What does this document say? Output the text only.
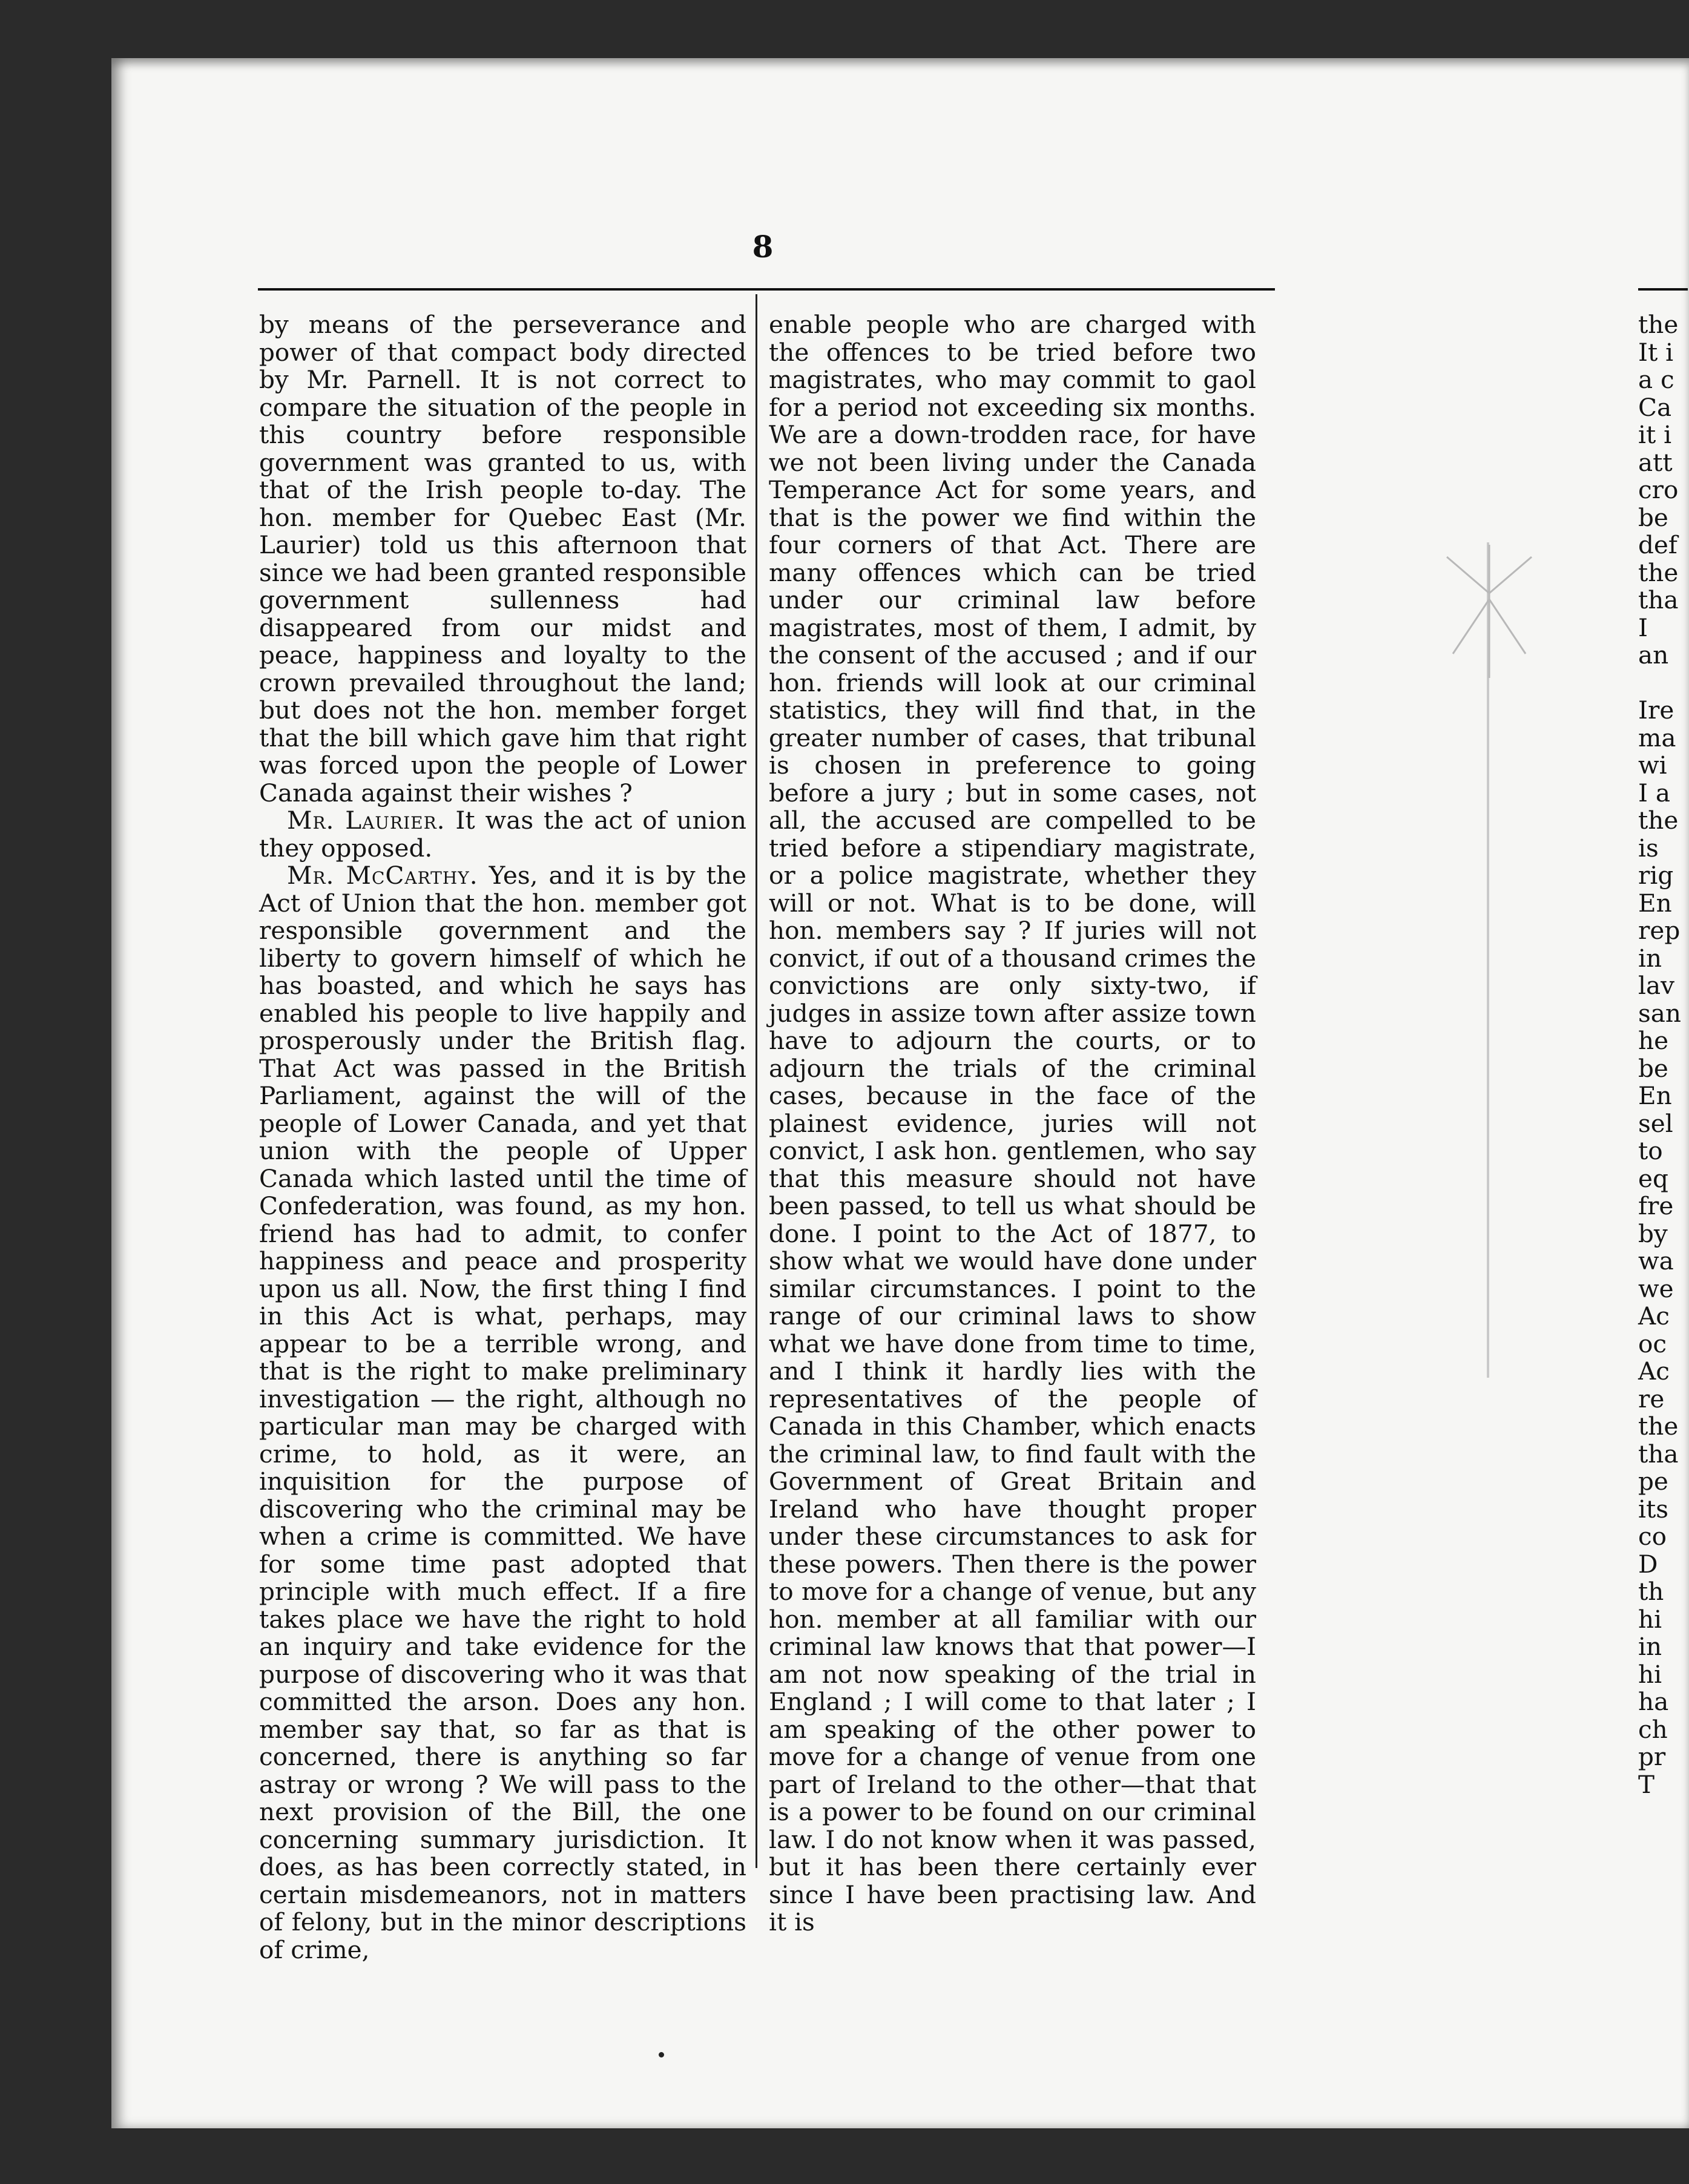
8

by means of the perseverance and power of that compact body directed by Mr. Parnell. It is not correct to compare the situation of the people in this country before responsible government was granted to us, with that of the Irish people to-day. The hon. member for Quebec East (Mr. Laurier) told us this afternoon that since we had been granted responsible government sullenness had disappeared from our midst and peace, happiness and loyalty to the crown prevailed throughout the land; but does not the hon. member forget that the bill which gave him that right was forced upon the people of Lower Canada against their wishes ?

Mr. Laurier. It was the act of union they opposed.

Mr. McCarthy. Yes, and it is by the Act of Union that the hon. member got responsible government and the liberty to govern himself of which he has boasted, and which he says has enabled his people to live happily and prosperously under the British flag. That Act was passed in the British Parliament, against the will of the people of Lower Canada, and yet that union with the people of Upper Canada which lasted until the time of Confederation, was found, as my hon. friend has had to admit, to confer happiness and peace and prosperity upon us all. Now, the first thing I find in this Act is what, perhaps, may appear to be a terrible wrong, and that is the right to make preliminary investigation — the right, although no particular man may be charged with crime, to hold, as it were, an inquisition for the purpose of discovering who the criminal may be when a crime is committed. We have for some time past adopted that principle with much effect. If a fire takes place we have the right to hold an inquiry and take evidence for the purpose of discovering who it was that committed the arson. Does any hon. member say that, so far as that is concerned, there is anything so far astray or wrong ? We will pass to the next provision of the Bill, the one concerning summary jurisdiction. It does, as has been correctly stated, in certain misdemeanors, not in matters of felony, but in the minor descriptions of crime,

enable people who are charged with the offences to be tried before two magistrates, who may commit to gaol for a period not exceeding six months. We are a down-trodden race, for have we not been living under the Canada Temperance Act for some years, and that is the power we find within the four corners of that Act. There are many offences which can be tried under our criminal law before magistrates, most of them, I admit, by the consent of the accused ; and if our hon. friends will look at our criminal statistics, they will find that, in the greater number of cases, that tribunal is chosen in preference to going before a jury ; but in some cases, not all, the accused are compelled to be tried before a stipendiary magistrate, or a police magistrate, whether they will or not. What is to be done, will hon. members say ? If juries will not convict, if out of a thousand crimes the convictions are only sixty-two, if judges in assize town after assize town have to adjourn the courts, or to adjourn the trials of the criminal cases, because in the face of the plainest evidence, juries will not convict, I ask hon. gentlemen, who say that this measure should not have been passed, to tell us what should be done. I point to the Act of 1877, to show what we would have done under similar circumstances. I point to the range of our criminal laws to show what we have done from time to time, and I think it hardly lies with the representatives of the people of Canada in this Chamber, which enacts the criminal law, to find fault with the Government of Great Britain and Ireland who have thought proper under these circumstances to ask for these powers. Then there is the power to move for a change of venue, but any hon. member at all familiar with our criminal law knows that that power—I am not now speaking of the trial in England ; I will come to that later ; I am speaking of the other power to move for a change of venue from one part of Ireland to the other—that that is a power to be found on our criminal law. I do not know when it was passed, but it has been there certainly ever since I have been practising law. And it is

the
It i
a c
Ca
it i
att
cro
be
def
the
tha
I
an
Ire
ma
wi
I a
the
is
rig
En
rep
in
lav
san
he
be
En
sel
to
eq
fre
by
wa
we
Ac
oc
Ac
re
the
tha
pe
its
co
D
th
hi
in
hi
ha
ch
pr
T
